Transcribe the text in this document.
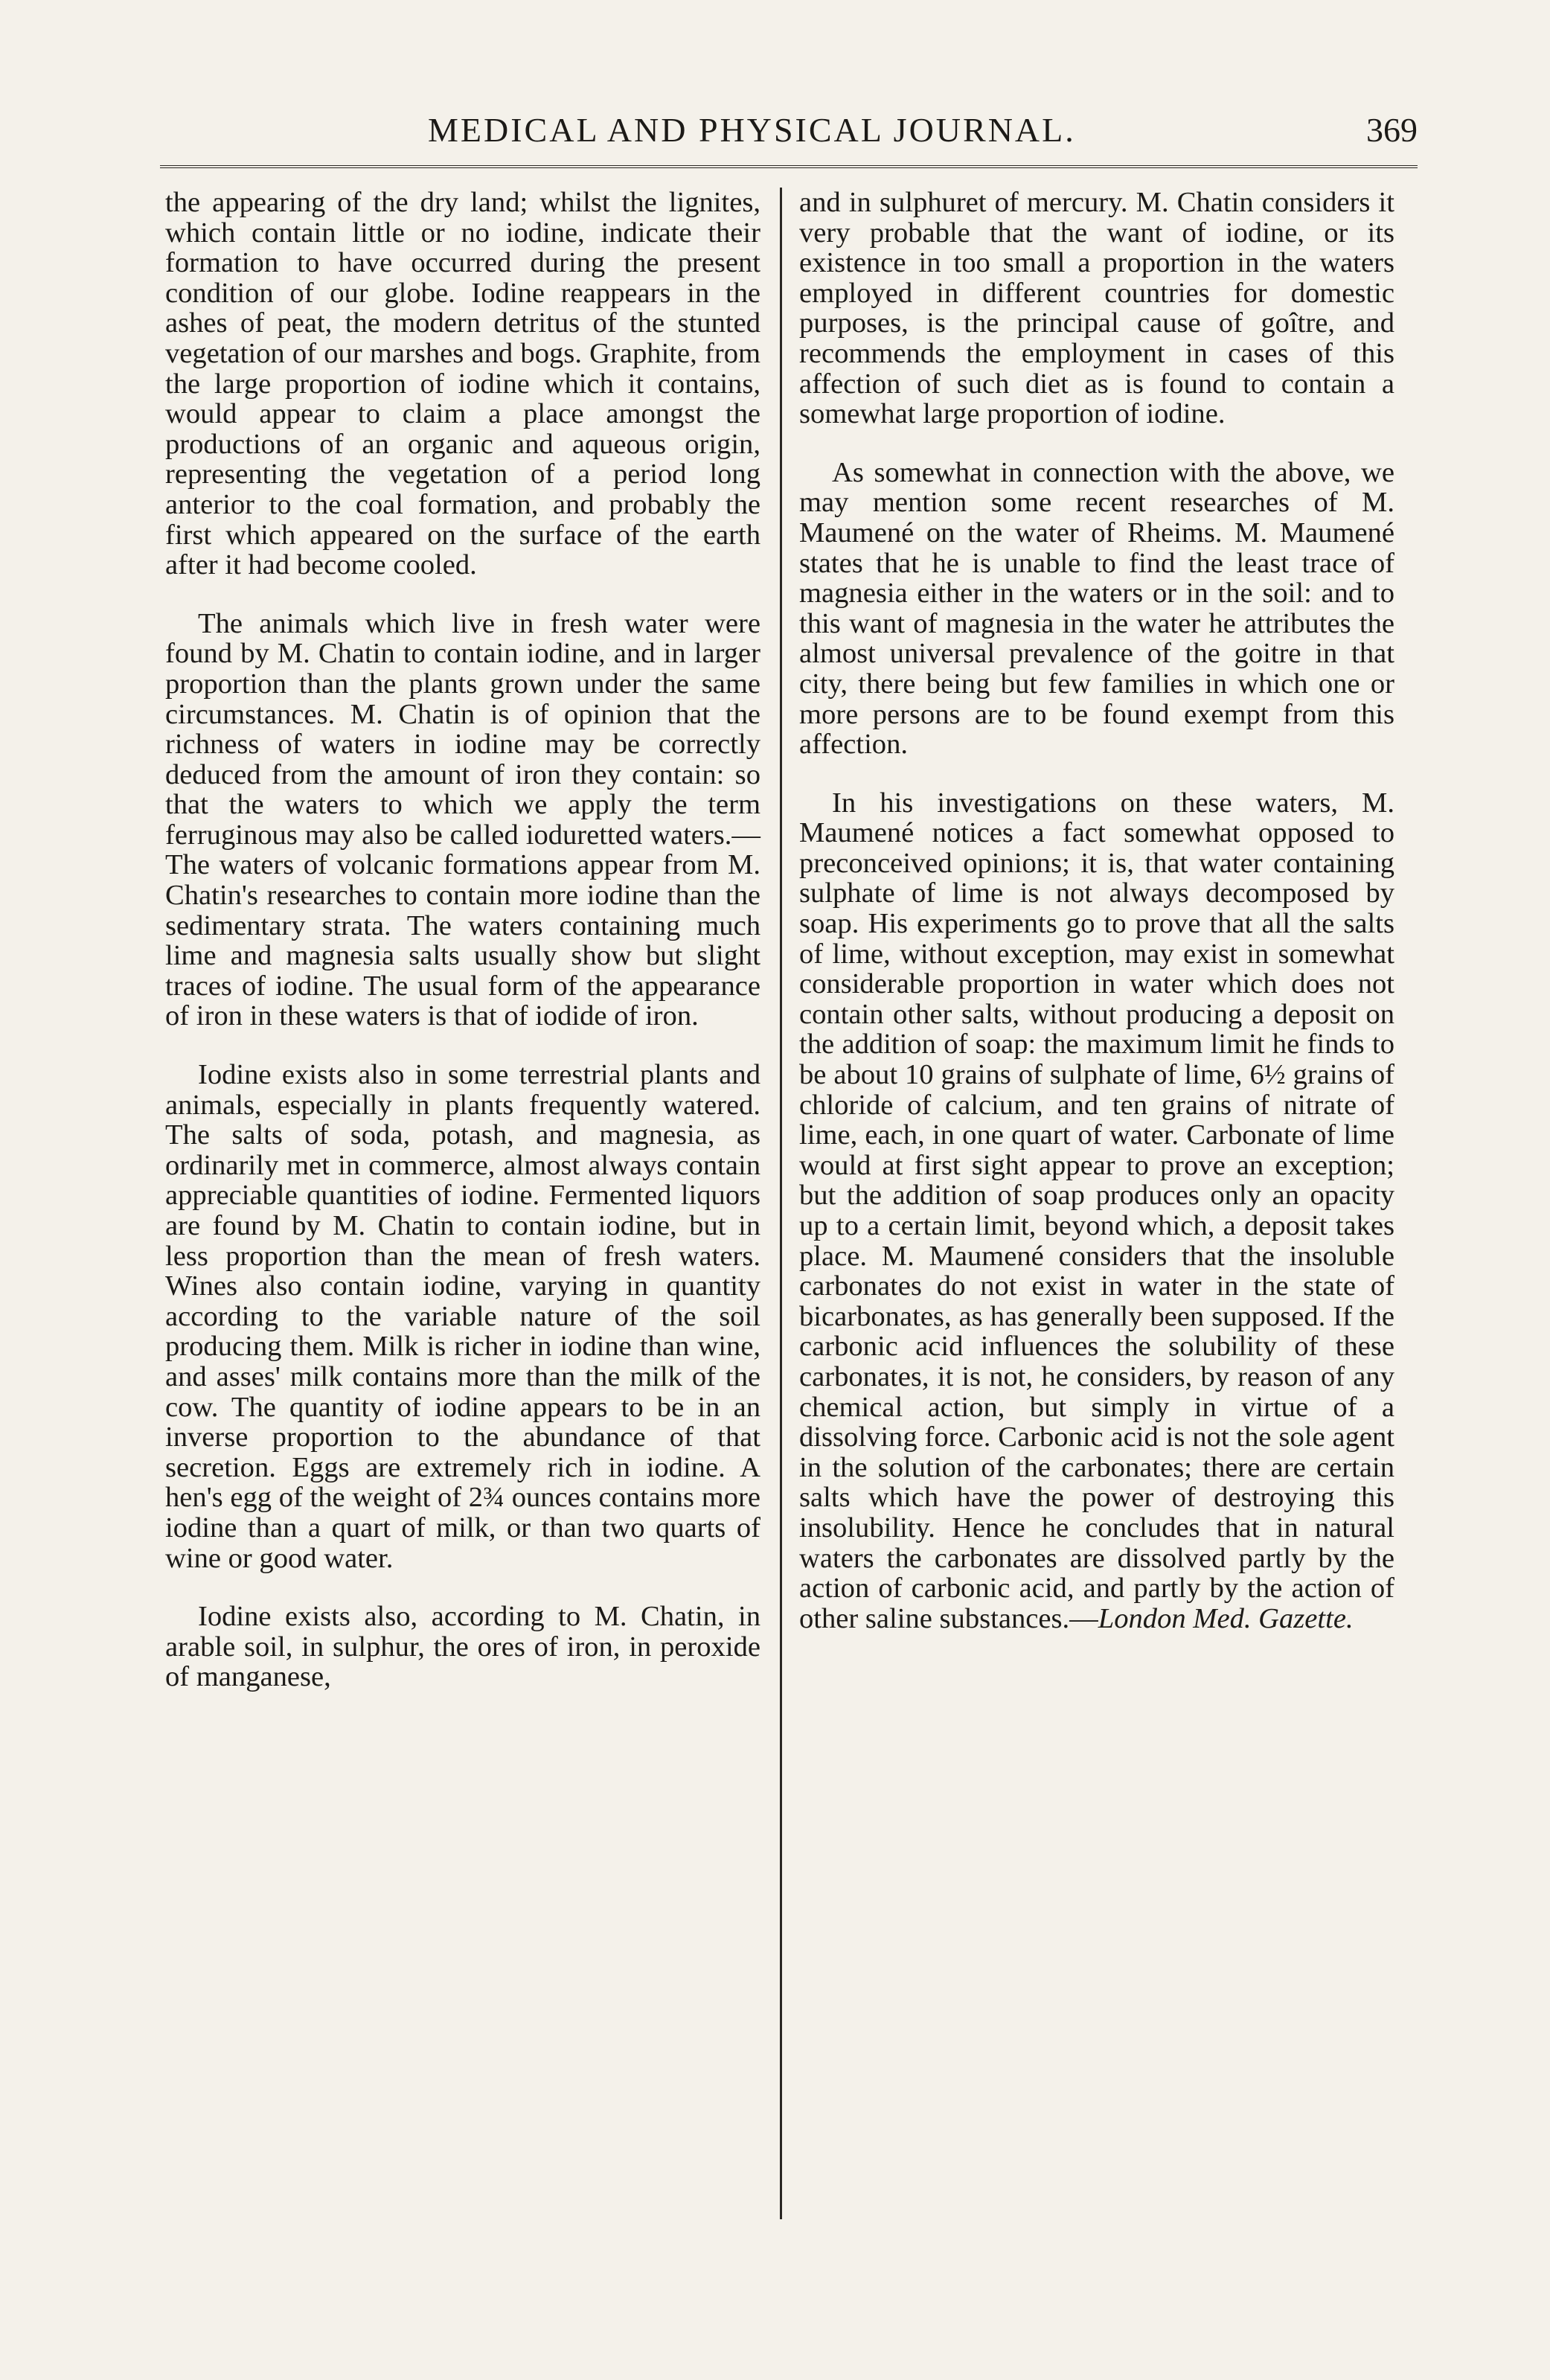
MEDICAL AND PHYSICAL JOURNAL.	369

the appearing of the dry land; whilst the lignites, which contain little or no iodine, indicate their formation to have occurred during the present condition of our globe. Iodine reappears in the ashes of peat, the modern detritus of the stunted vegetation of our marshes and bogs. Graphite, from the large proportion of iodine which it contains, would appear to claim a place amongst the productions of an organic and aqueous origin, representing the vegetation of a period long anterior to the coal formation, and probably the first which appeared on the surface of the earth after it had become cooled.

The animals which live in fresh water were found by M. Chatin to contain iodine, and in larger proportion than the plants grown under the same circumstances. M. Chatin is of opinion that the richness of waters in iodine may be correctly deduced from the amount of iron they contain: so that the waters to which we apply the term ferruginous may also be called ioduretted waters.—The waters of volcanic formations appear from M. Chatin's researches to contain more iodine than the sedimentary strata. The waters containing much lime and magnesia salts usually show but slight traces of iodine. The usual form of the appearance of iron in these waters is that of iodide of iron.

Iodine exists also in some terrestrial plants and animals, especially in plants frequently watered. The salts of soda, potash, and magnesia, as ordinarily met in commerce, almost always contain appreciable quantities of iodine. Fermented liquors are found by M. Chatin to contain iodine, but in less proportion than the mean of fresh waters. Wines also contain iodine, varying in quantity according to the variable nature of the soil producing them. Milk is richer in iodine than wine, and asses' milk contains more than the milk of the cow. The quantity of iodine appears to be in an inverse proportion to the abundance of that secretion. Eggs are extremely rich in iodine. A hen's egg of the weight of 2¾ ounces contains more iodine than a quart of milk, or than two quarts of wine or good water.

Iodine exists also, according to M. Chatin, in arable soil, in sulphur, the ores of iron, in peroxide of manganese,

and in sulphuret of mercury. M. Chatin considers it very probable that the want of iodine, or its existence in too small a proportion in the waters employed in different countries for domestic purposes, is the principal cause of goître, and recommends the employment in cases of this affection of such diet as is found to contain a somewhat large proportion of iodine.

As somewhat in connection with the above, we may mention some recent researches of M. Maumené on the water of Rheims. M. Maumené states that he is unable to find the least trace of magnesia either in the waters or in the soil: and to this want of magnesia in the water he attributes the almost universal prevalence of the goitre in that city, there being but few families in which one or more persons are to be found exempt from this affection.

In his investigations on these waters, M. Maumené notices a fact somewhat opposed to preconceived opinions; it is, that water containing sulphate of lime is not always decomposed by soap. His experiments go to prove that all the salts of lime, without exception, may exist in somewhat considerable proportion in water which does not contain other salts, without producing a deposit on the addition of soap: the maximum limit he finds to be about 10 grains of sulphate of lime, 6½ grains of chloride of calcium, and ten grains of nitrate of lime, each, in one quart of water. Carbonate of lime would at first sight appear to prove an exception; but the addition of soap produces only an opacity up to a certain limit, beyond which, a deposit takes place. M. Maumené considers that the insoluble carbonates do not exist in water in the state of bicarbonates, as has generally been supposed. If the carbonic acid influences the solubility of these carbonates, it is not, he considers, by reason of any chemical action, but simply in virtue of a dissolving force. Carbonic acid is not the sole agent in the solution of the carbonates; there are certain salts which have the power of destroying this insolubility. Hence he concludes that in natural waters the carbonates are dissolved partly by the action of carbonic acid, and partly by the action of other saline substances.—London Med. Gazette.
